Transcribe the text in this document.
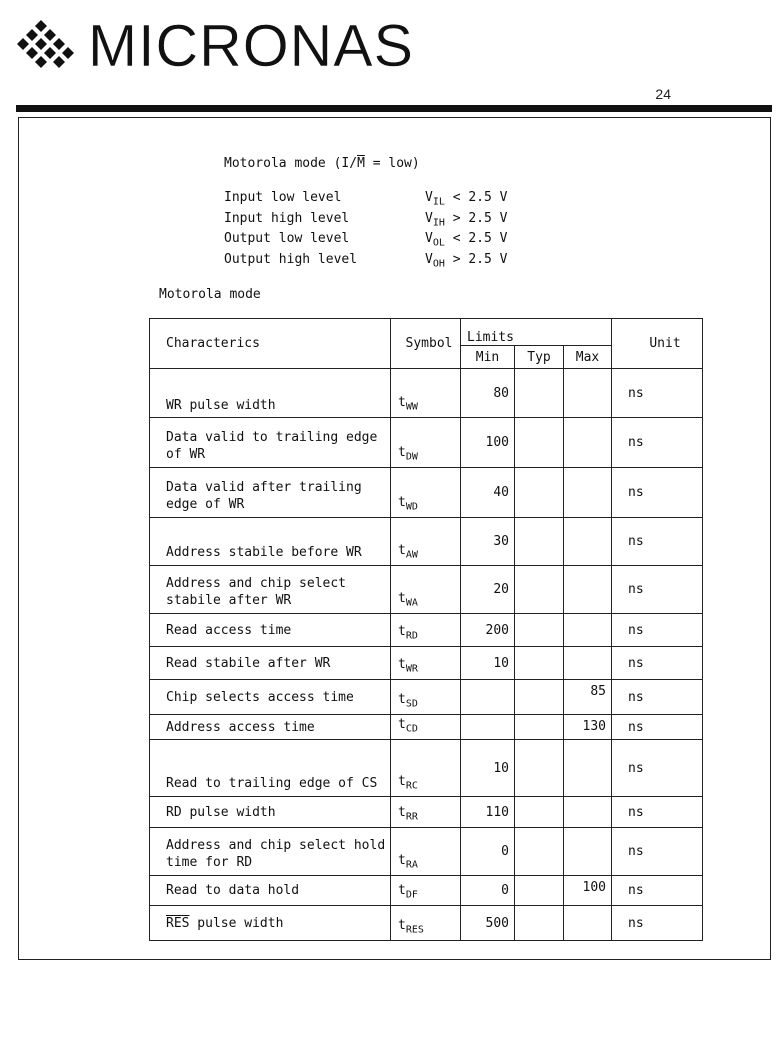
MICRONAS
24
Motorola mode $(I/\overline{M} = low)$
Input low level	$V_{IL} < 2.5$ V
Input high level	$V_{IH} > 2.5$ V
Output low level	$V_{OL} < 2.5$ V
Output high level	$V_{OH} > 2.5$ V
Motorola mode
Characterics	Symbol	Limits			Unit
		Min	Typ	Max	
WR pulse width	$t_{WW}$	80			ns
Data valid to trailing edge of WR	$t_{DW}$	100			ns
Data valid after trailing edge of WR	$t_{WD}$	40			ns
Address stabile before WR	$t_{AW}$	30			ns
Address and chip select stabile after WR	$t_{WA}$	20			ns
Read access time	$t_{RD}$	200			ns
Read stabile after WR	$t_{WR}$	10			ns
Chip selects access time	$t_{SD}$			85	ns
Address access time	$t_{CD}$			130	ns
Read to trailing edge of CS	$t_{RC}$	10			ns
RD pulse width	$t_{RR}$	110			ns
Address and chip select hold time for RD	$t_{RA}$	0			ns
Read to data hold	$t_{DF}$	0		100	ns
$\overline{RES}$ pulse width	$t_{RES}$	500			ns
